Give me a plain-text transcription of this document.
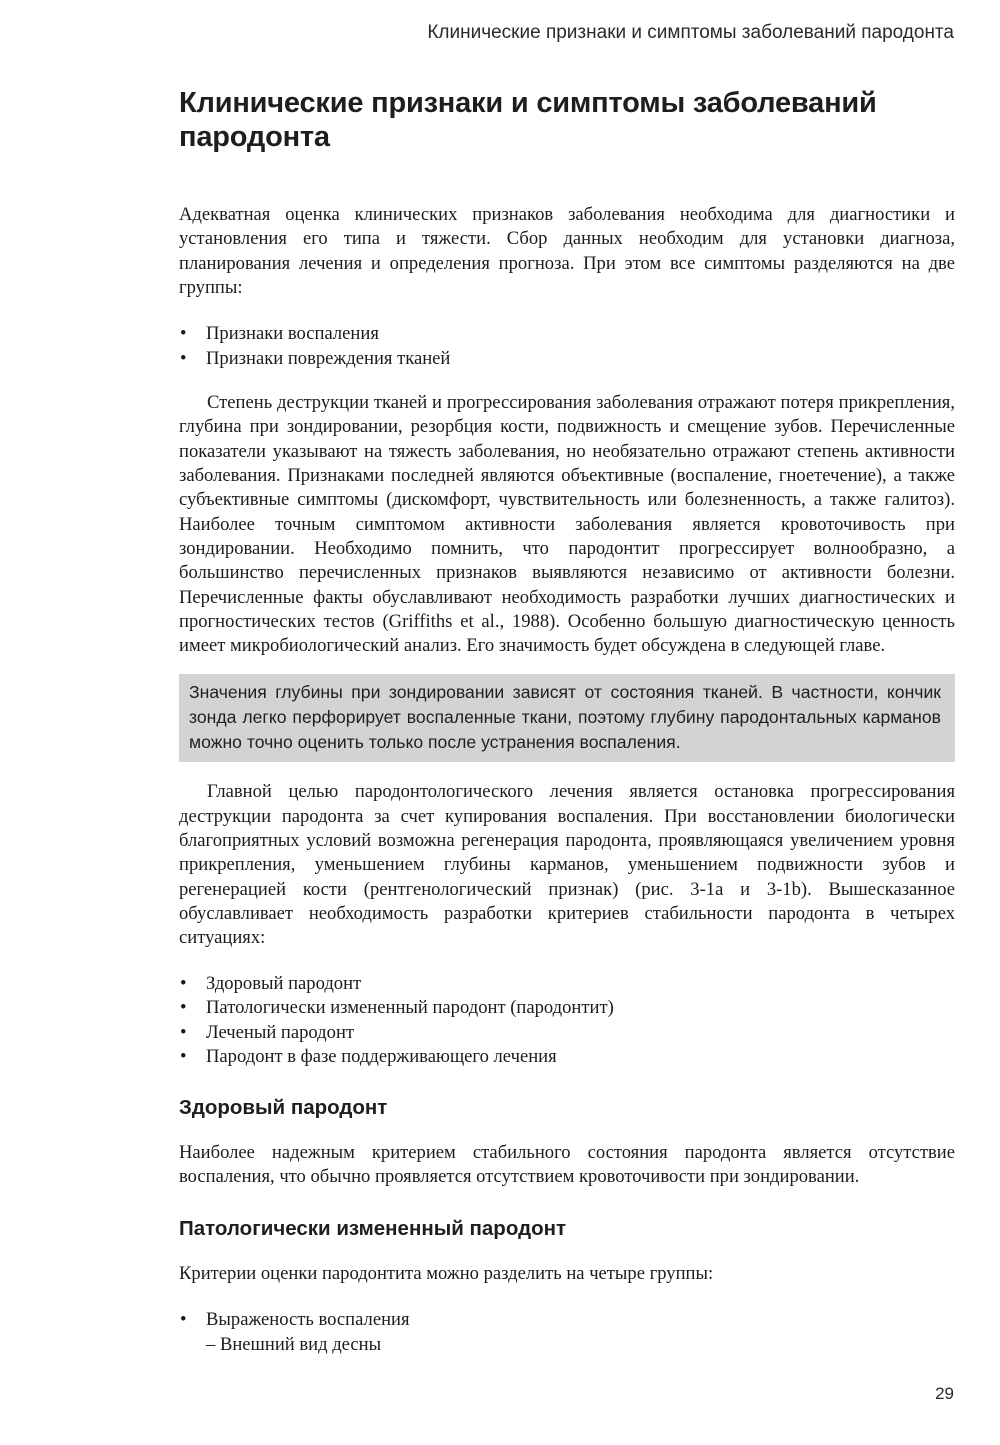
Клинические признаки и симптомы заболеваний пародонта
Клинические признаки и симптомы заболеваний
пародонта

Адекватная оценка клинических признаков заболевания необходима для диагностики и установления его типа и тяжести. Сбор данных необходим для установки диагноза, планирования лечения и определения прогноза. При этом все симптомы разделяются на две группы:

• Признаки воспаления
• Признаки повреждения тканей

Степень деструкции тканей и прогрессирования заболевания отражают потеря прикрепления, глубина при зондировании, резорбция кости, подвижность и смещение зубов. Перечисленные показатели указывают на тяжесть заболевания, но необязательно отражают степень активности заболевания. Признаками последней являются объективные (воспаление, гноетечение), а также субъективные симптомы (дискомфорт, чувствительность или болезненность, а также галитоз). Наиболее точным симптомом активности заболевания является кровоточивость при зондировании. Необходимо помнить, что пародонтит прогрессирует волнообразно, а большинство перечисленных признаков выявляются независимо от активности болезни. Перечисленные факты обуславливают необходимость разработки лучших диагностических и прогностических тестов (Griffiths et al., 1988). Особенно большую диагностическую ценность имеет микробиологический анализ. Его значимость будет обсуждена в следующей главе.

Значения глубины при зондировании зависят от состояния тканей. В частности, кончик зонда легко перфорирует воспаленные ткани, поэтому глубину пародонтальных карманов можно точно оценить только после устранения воспаления.

Главной целью пародонтологического лечения является остановка прогрессирования деструкции пародонта за счет купирования воспаления. При восстановлении биологически благоприятных условий возможна регенерация пародонта, проявляющаяся увеличением уровня прикрепления, уменьшением глубины карманов, уменьшением подвижности зубов и регенерацией кости (рентгенологический признак) (рис. 3-1а и 3-1b). Вышесказанное обуславливает необходимость разработки критериев стабильности пародонта в четырех ситуациях:

• Здоровый пародонт
• Патологически измененный пародонт (пародонтит)
• Леченый пародонт
• Пародонт в фазе поддерживающего лечения
Здоровый пародонт

Наиболее надежным критерием стабильного состояния пародонта является отсутствие воспаления, что обычно проявляется отсутствием кровоточивости при зондировании.

Патологически измененный пародонт

Критерии оценки пародонтита можно разделить на четыре группы:

• Выраженость воспаления
– Внешний вид десны
29
